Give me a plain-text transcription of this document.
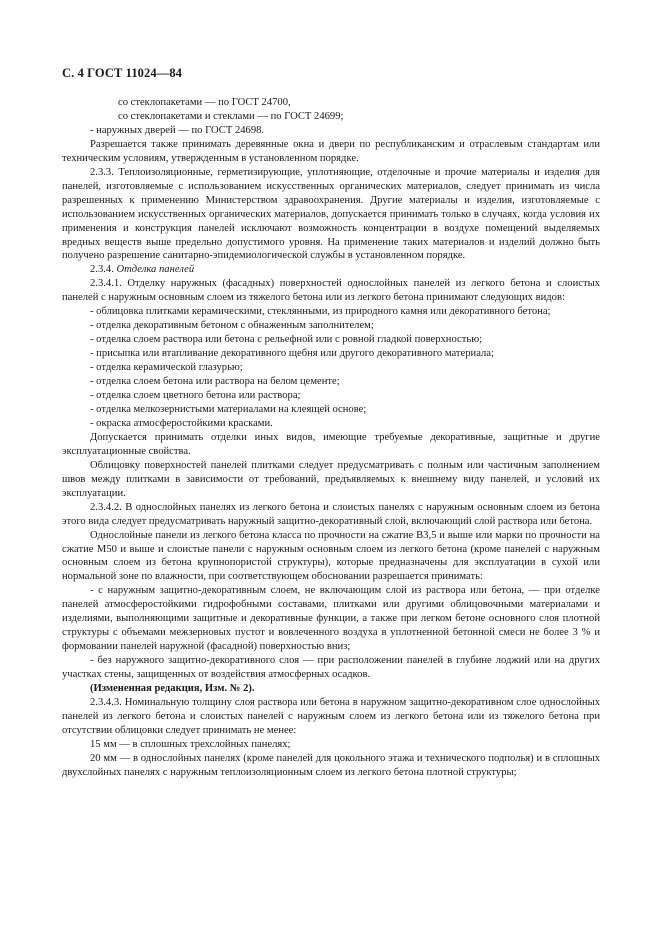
С. 4 ГОСТ 11024—84

со стеклопакетами — по ГОСТ 24700,

со стеклопакетами и стеклами — по ГОСТ 24699;

- наружных дверей — по ГОСТ 24698.

Разрешается также принимать деревянные окна и двери по республиканским и отраслевым стандартам или техническим условиям, утвержденным в установленном порядке.

2.3.3. Теплоизоляционные, герметизирующие, уплотняющие, отделочные и прочие материалы и изделия для панелей, изготовляемые с использованием искусственных органических материалов, следует принимать из числа разрешенных к применению Министерством здравоохранения. Другие материалы и изделия, изготовляемые с использованием искусственных органических материалов, допускается принимать только в случаях, когда условия их применения и конструкция панелей исключают возможность концентрации в воздухе помещений выделяемых вредных веществ выше предельно допустимого уровня. На применение таких материалов и изделий должно быть получено разрешение санитарно-эпидемиологической службы в установленном порядке.

2.3.4. Отделка панелей

2.3.4.1. Отделку наружных (фасадных) поверхностей однослойных панелей из легкого бетона и слоистых панелей с наружным основным слоем из тяжелого бетона или из легкого бетона принимают следующих видов:

- облицовка плитками керамическими, стеклянными, из природного камня или декоративного бетона;

- отделка декоративным бетоном с обнаженным заполнителем;

- отделка слоем раствора или бетона с рельефной или с ровной гладкой поверхностью;

- присыпка или втапливание декоративного щебня или другого декоративного материала;

- отделка керамической глазурью;

- отделка слоем бетона или раствора на белом цементе;

- отделка слоем цветного бетона или раствора;

- отделка мелкозернистыми материалами на клеящей основе;

- окраска атмосферостойкими красками.

Допускается принимать отделки иных видов, имеющие требуемые декоративные, защитные и другие эксплуатационные свойства.

Облицовку поверхностей панелей плитками следует предусматривать с полным или частичным заполнением швов между плитками в зависимости от требований, предъявляемых к внешнему виду панелей, и условий их эксплуатации.

2.3.4.2. В однослойных панелях из легкого бетона и слоистых панелях с наружным основным слоем из бетона этого вида следует предусматривать наружный защитно-декоративный слой, включающий слой раствора или бетона.

Однослойные панели из легкого бетона класса по прочности на сжатие В3,5 и выше или марки по прочности на сжатие М50 и выше и слоистые панели с наружным основным слоем из легкого бетона (кроме панелей с наружным основным слоем из бетона крупнопористой структуры), которые предназначены для эксплуатации в сухой или нормальной зоне по влажности, при соответствующем обосновании разрешается принимать:

- с наружным защитно-декоративным слоем, не включающим слой из раствора или бетона, — при отделке панелей атмосферостойкими гидрофобными составами, плитками или другими облицовочными материалами и изделиями, выполняющими защитные и декоративные функции, а также при легком бетоне основного слоя плотной структуры с объемами межзерновых пустот и вовлеченного воздуха в уплотненной бетонной смеси не более 3 % и формовании панелей наружной (фасадной) поверхностью вниз;

- без наружного защитно-декоративного слоя — при расположении панелей в глубине лоджий или на других участках стены, защищенных от воздействия атмосферных осадков.

(Измененная редакция, Изм. № 2).

2.3.4.3. Номинальную толщину слоя раствора или бетона в наружном защитно-декоративном слое однослойных панелей из легкого бетона и слоистых панелей с наружным слоем из легкого бетона или из тяжелого бетона при отсутствии облицовки следует принимать не менее:

15 мм — в сплошных трехслойных панелях;

20 мм — в однослойных панелях (кроме панелей для цокольного этажа и технического подполья) и в сплошных двухслойных панелях с наружным теплоизоляционным слоем из легкого бетона плотной структуры;
